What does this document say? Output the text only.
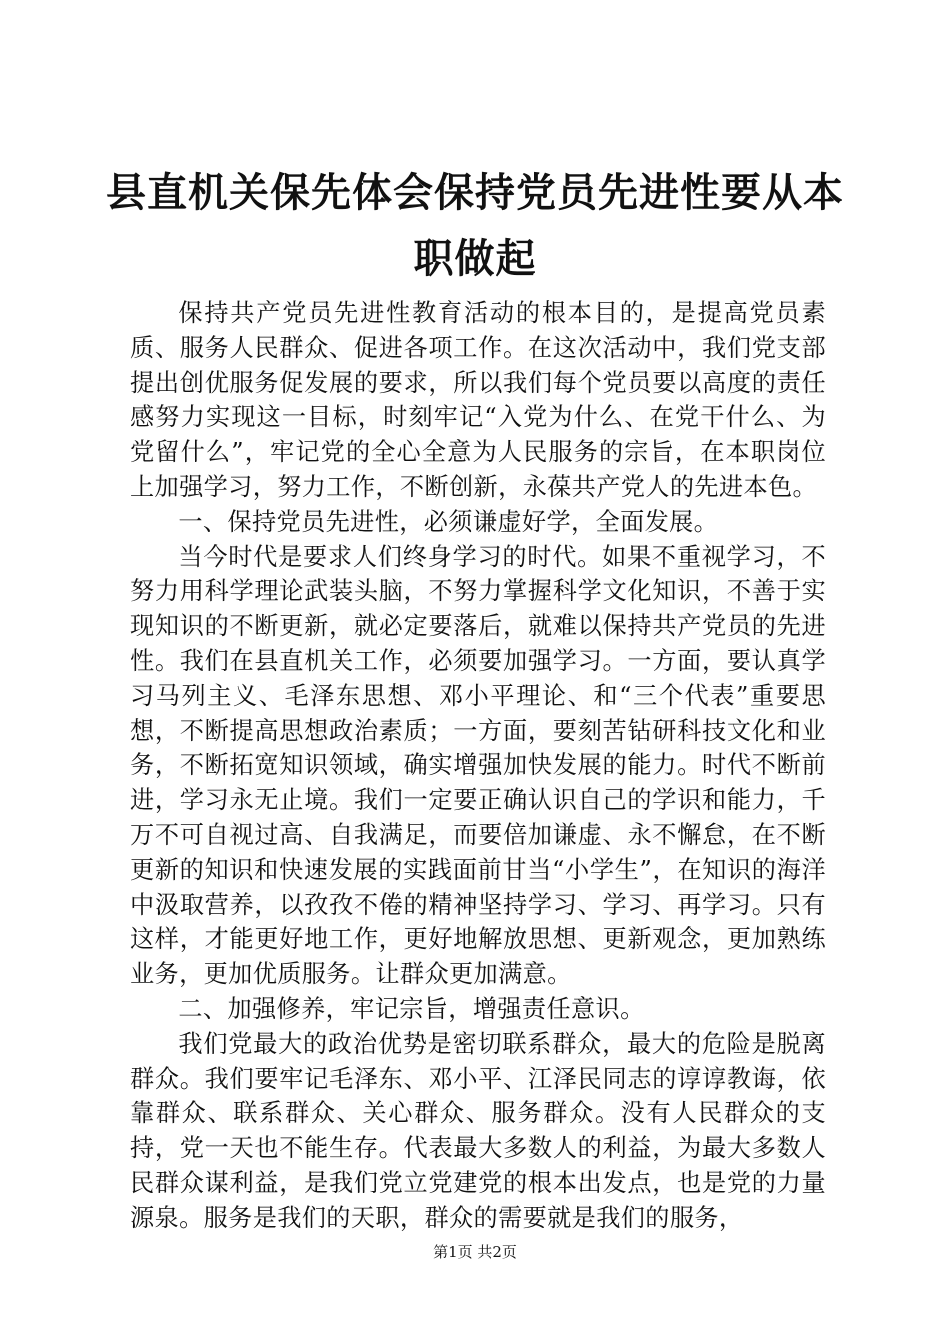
县直机关保先体会保持党员先进性要从本职做起

保持共产党员先进性教育活动的根本目的，是提高党员素质、服务人民群众、促进各项工作。在这次活动中，我们党支部提出创优服务促发展的要求，所以我们每个党员要以高度的责任感努力实现这一目标，时刻牢记“入党为什么、在党干什么、为党留什么”，牢记党的全心全意为人民服务的宗旨，在本职岗位上加强学习，努力工作，不断创新，永葆共产党人的先进本色。

一、保持党员先进性，必须谦虚好学，全面发展。

当今时代是要求人们终身学习的时代。如果不重视学习，不努力用科学理论武装头脑，不努力掌握科学文化知识，不善于实现知识的不断更新，就必定要落后，就难以保持共产党员的先进性。我们在县直机关工作，必须要加强学习。一方面，要认真学习马列主义、毛泽东思想、邓小平理论、和“三个代表”重要思想，不断提高思想政治素质；一方面，要刻苦钻研科技文化和业务，不断拓宽知识领域，确实增强加快发展的能力。时代不断前进，学习永无止境。我们一定要正确认识自己的学识和能力，千万不可自视过高、自我满足，而要倍加谦虚、永不懈怠，在不断更新的知识和快速发展的实践面前甘当“小学生”，在知识的海洋中汲取营养，以孜孜不倦的精神坚持学习、学习、再学习。只有这样，才能更好地工作，更好地解放思想、更新观念，更加熟练业务，更加优质服务。让群众更加满意。

二、加强修养，牢记宗旨，增强责任意识。

我们党最大的政治优势是密切联系群众，最大的危险是脱离群众。我们要牢记毛泽东、邓小平、江泽民同志的谆谆教诲，依靠群众、联系群众、关心群众、服务群众。没有人民群众的支持，党一天也不能生存。代表最大多数人的利益，为最大多数人民群众谋利益，是我们党立党建党的根本出发点，也是党的力量源泉。服务是我们的天职，群众的需要就是我们的服务，

第1页 共2页
